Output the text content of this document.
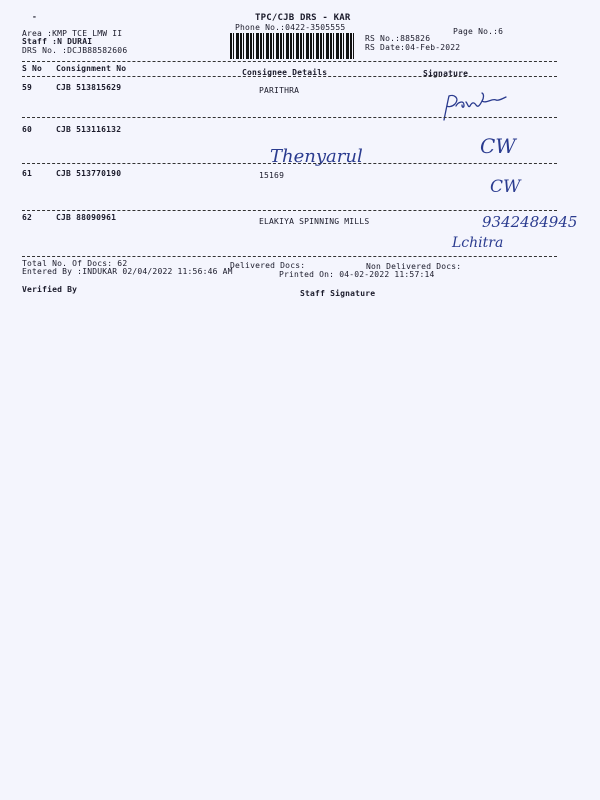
-	TPC/CJB DRS - KAR
Phone No.:0422-3505555	Page No.:6
Area :KMP TCE LMW II
Staff :N DURAI
DRS No. :DCJB88582606
RS No.:885826
RS Date:04-Feb-2022
S No Consignment No	Consignee Details	Signature
59	CJB 513815629	PARITHRA
60	CJB 513116132
Thenyarul	CW
61	CJB 513770190	15169
CW
62	CJB 88090961	ELAKIYA SPINNING MILLS	9342484945
Lchitra
Total No. Of Docs: 62	Delivered Docs:	Non Delivered Docs:
Entered By :INDUKAR 02/04/2022 11:56:46 AM	Printed On: 04-02-2022 11:57:14
Verified By	Staff Signature
